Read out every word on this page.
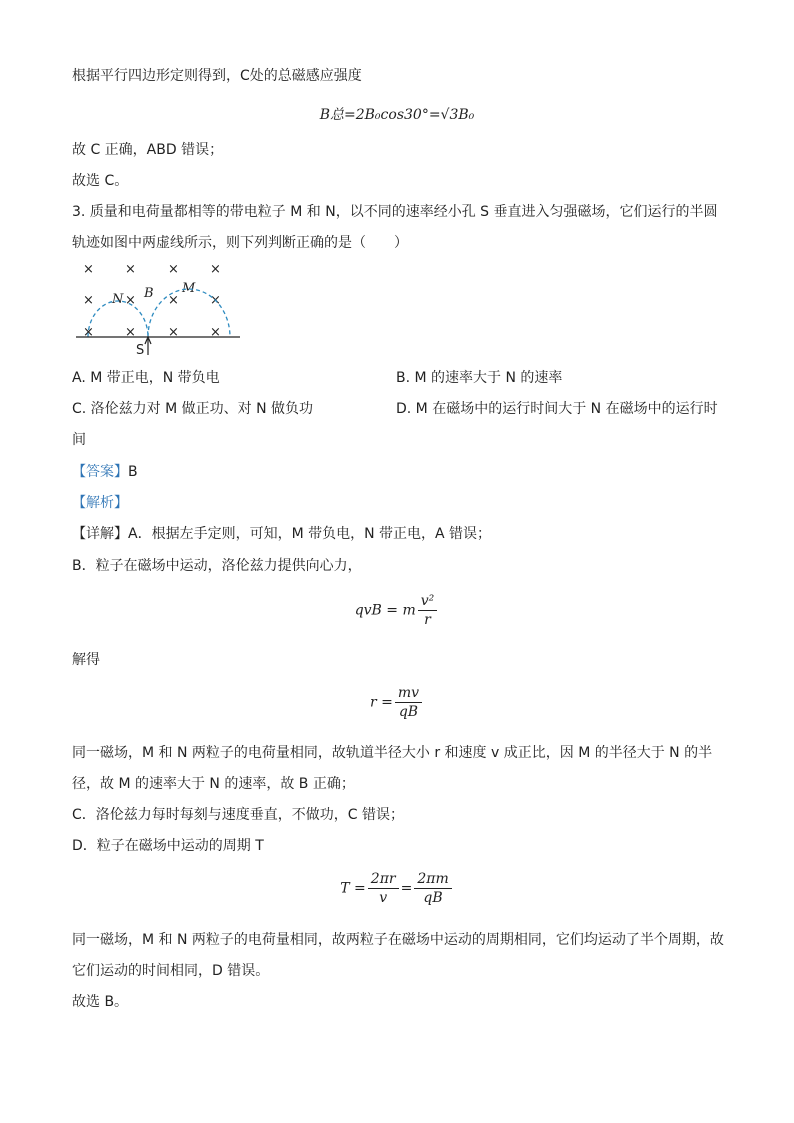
根据平行四边形定则得到，C处的总磁感应强度
B总=2B₀cos30°=√3B₀
故 C 正确，ABD 错误；
故选 C。
3. 质量和电荷量都相等的带电粒子 M 和 N，以不同的速率经小孔 S 垂直进入匀强磁场，它们运行的半圆
轨迹如图中两虚线所示，则下列判断正确的是（　　）
× × × ×
× × × ×
× × × ×
N B M
S
A. M 带正电，N 带负电	B. M 的速率大于 N 的速率
C. 洛伦兹力对 M 做正功、对 N 做负功	D. M 在磁场中的运行时间大于 N 在磁场中的运行时
间
【答案】B
【解析】
【详解】A．根据左手定则，可知，M 带负电，N 带正电，A 错误；
B．粒子在磁场中运动，洛伦兹力提供向心力，
qvB = m $\frac{\text{v²}}{r}$
解得
$r = \frac{mv}{qB}$
同一磁场，M 和 N 两粒子的电荷量相同，故轨道半径大小 r 和速度 v 成正比，因 M 的半径大于 N 的半
径，故 M 的速率大于 N 的速率，故 B 正确；
C．洛伦兹力每时每刻与速度垂直，不做功，C 错误；
D．粒子在磁场中运动的周期 T
$T = \frac{2\pi r}{v} = \frac{2\pi m}{qB}$
同一磁场，M 和 N 两粒子的电荷量相同，故两粒子在磁场中运动的周期相同，它们均运动了半个周期，故
它们运动的时间相同，D 错误。
故选 B。
